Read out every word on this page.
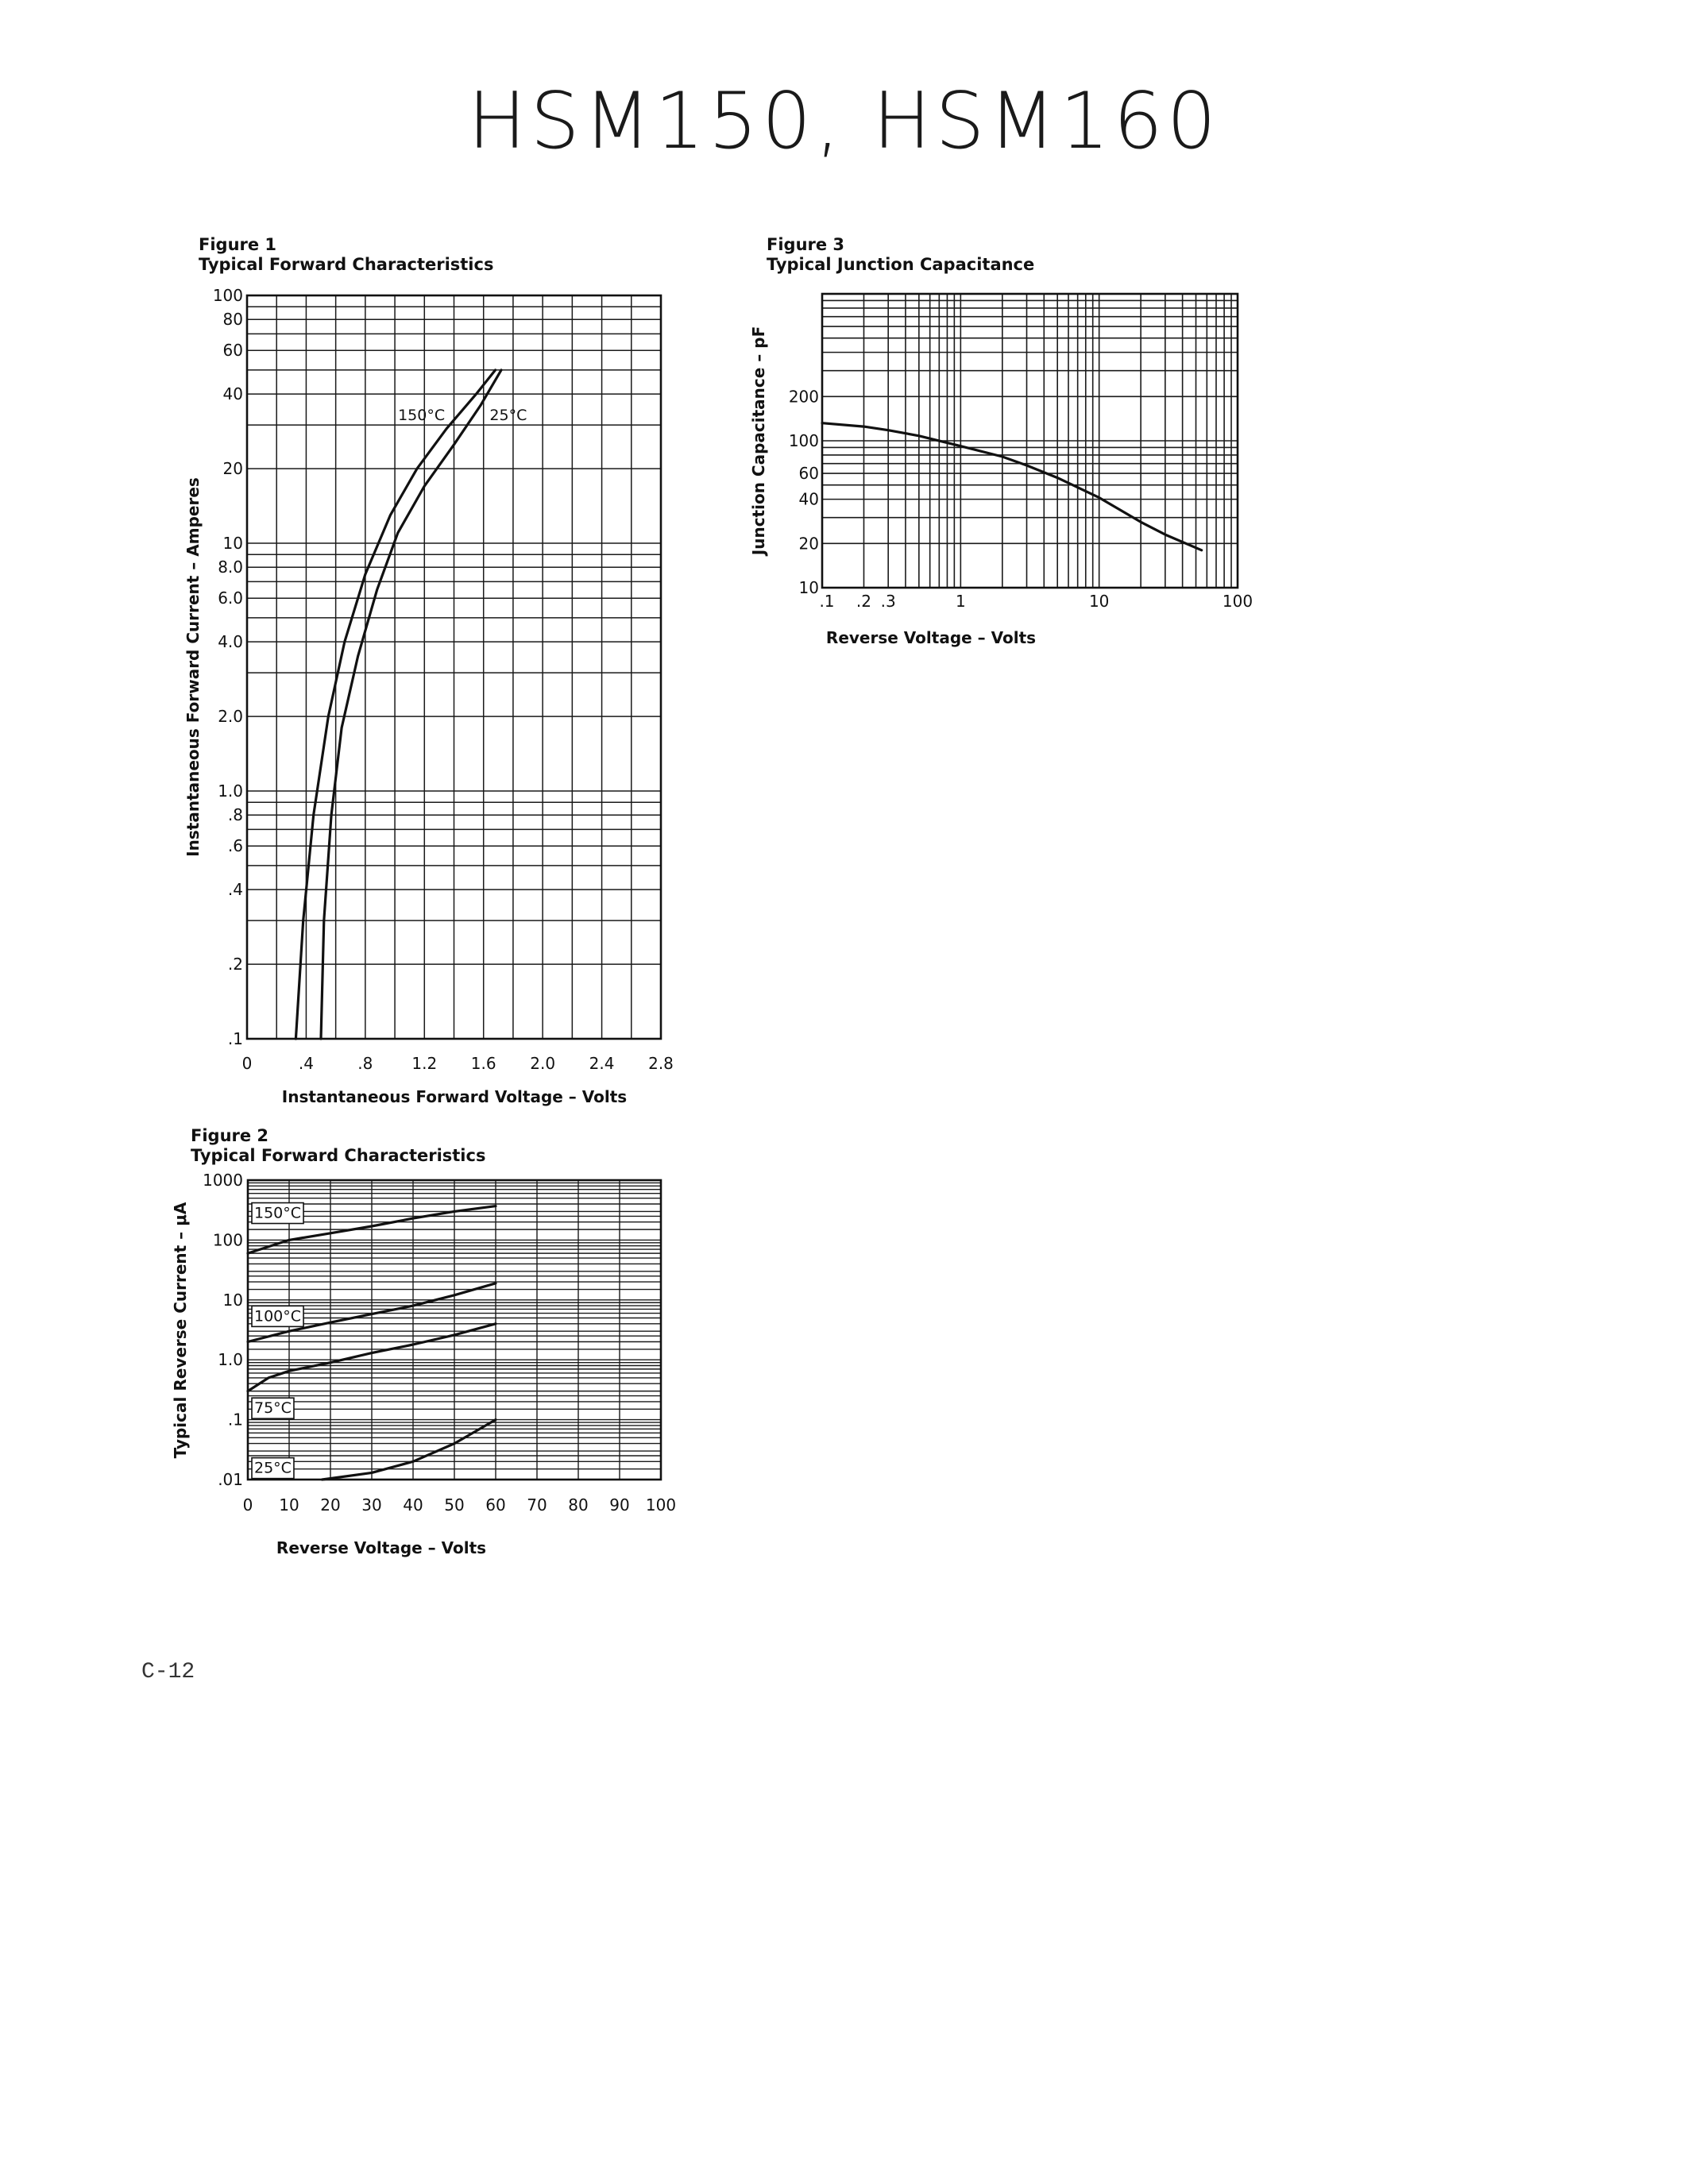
HSM150, HSM160
Figure 1
Typical Forward Characteristics
Figure 3
Typical Junction Capacitance
Figure 2
Typical Forward Characteristics
0	.4	.8 1.2 1.6 2.0 2.4 2.8
.1
.2
.4
.6
.8
1.0
2.0
4.0
6.0
8.0
10
20
40
60
80
100
Instantaneous Forward Voltage – Volts
Instantaneous Forward Current – Amperes
150°C	25°C
0 10 20 30 40 50 60 70 80 90 100
.01
.1
1.0
10
100
1000
Reverse Voltage – Volts
Typical Reverse Current – μA	150°C
100°C
75°C
25°C
.1 .2 .3	1	10	100
10
20
40
60
100
200
Reverse Voltage – Volts
Junction Capacitance – pF
C-12
